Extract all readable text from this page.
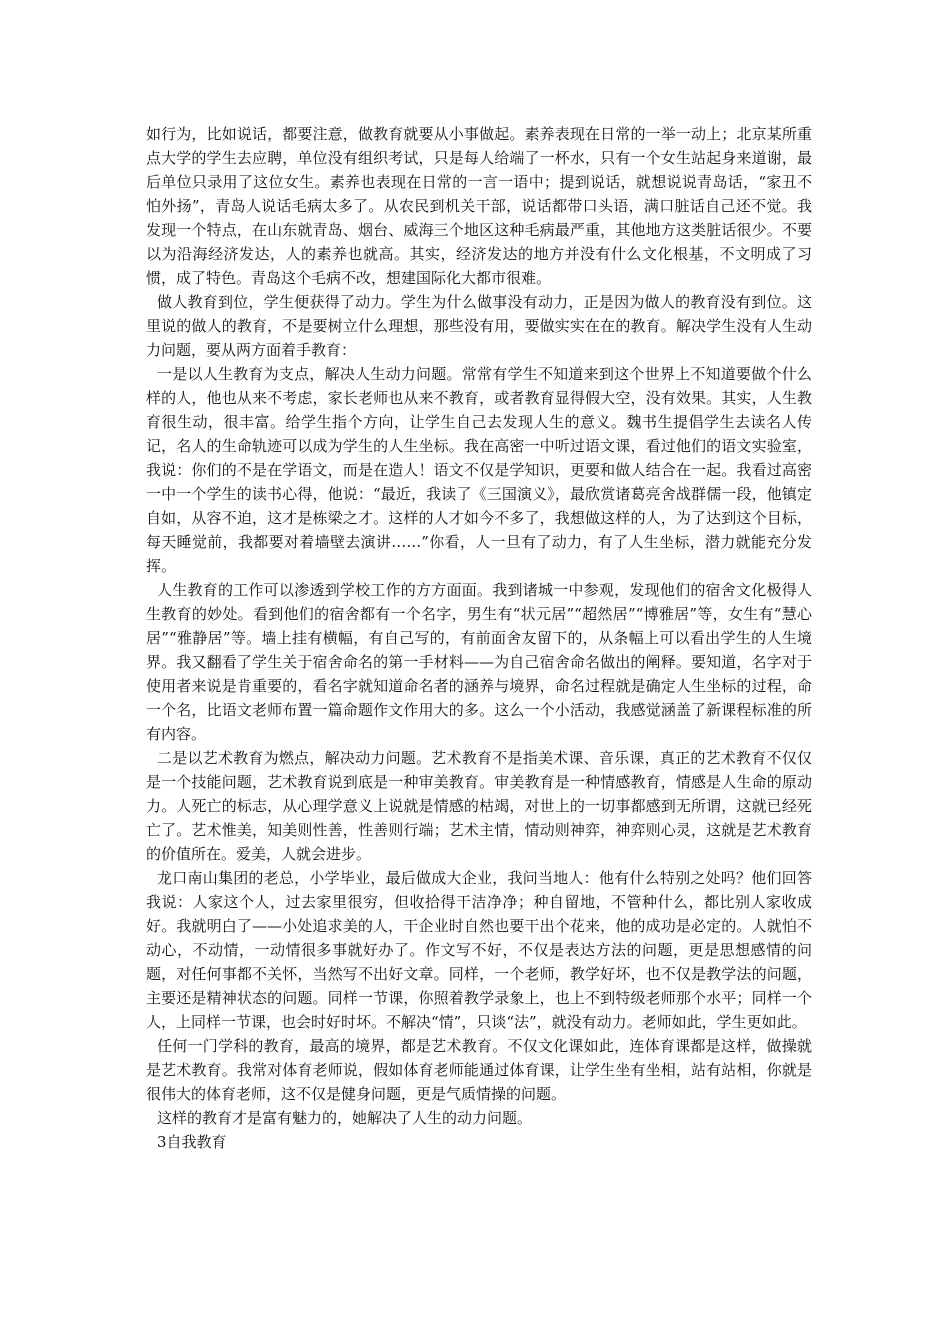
如行为，比如说话，都要注意，做教育就要从小事做起。素养表现在日常的一举一动上；北京某所重点大学的学生去应聘，单位没有组织考试，只是每人给端了一杯水，只有一个女生站起身来道谢，最后单位只录用了这位女生。素养也表现在日常的一言一语中；提到说话，就想说说青岛话，“家丑不怕外扬”，青岛人说话毛病太多了。从农民到机关干部，说话都带口头语，满口脏话自己还不觉。我发现一个特点，在山东就青岛、烟台、威海三个地区这种毛病最严重，其他地方这类脏话很少。不要以为沿海经济发达，人的素养也就高。其实，经济发达的地方并没有什么文化根基，不文明成了习惯，成了特色。青岛这个毛病不改，想建国际化大都市很难。

做人教育到位，学生便获得了动力。学生为什么做事没有动力，正是因为做人的教育没有到位。这里说的做人的教育，不是要树立什么理想，那些没有用，要做实实在在的教育。解决学生没有人生动力问题，要从两方面着手教育：

一是以人生教育为支点，解决人生动力问题。常常有学生不知道来到这个世界上不知道要做个什么样的人，他也从来不考虑，家长老师也从来不教育，或者教育显得假大空，没有效果。其实，人生教育很生动，很丰富。给学生指个方向，让学生自己去发现人生的意义。魏书生提倡学生去读名人传记，名人的生命轨迹可以成为学生的人生坐标。我在高密一中听过语文课，看过他们的语文实验室，我说：你们的不是在学语文，而是在造人！语文不仅是学知识，更要和做人结合在一起。我看过高密一中一个学生的读书心得，他说：“最近，我读了《三国演义》，最欣赏诸葛亮舍战群儒一段，他镇定自如，从容不迫，这才是栋梁之才。这样的人才如今不多了，我想做这样的人，为了达到这个目标，每天睡觉前，我都要对着墙壁去演讲……”你看，人一旦有了动力，有了人生坐标，潜力就能充分发挥。

人生教育的工作可以渗透到学校工作的方方面面。我到诸城一中参观，发现他们的宿舍文化极得人生教育的妙处。看到他们的宿舍都有一个名字，男生有“状元居”“超然居”“博雅居”等，女生有“慧心居”“雅静居”等。墙上挂有横幅，有自己写的，有前面舍友留下的，从条幅上可以看出学生的人生境界。我又翻看了学生关于宿舍命名的第一手材料——为自己宿舍命名做出的阐释。要知道，名字对于使用者来说是肯重要的，看名字就知道命名者的涵养与境界，命名过程就是确定人生坐标的过程，命一个名，比语文老师布置一篇命题作文作用大的多。这么一个小活动，我感觉涵盖了新课程标准的所有内容。

二是以艺术教育为燃点，解决动力问题。艺术教育不是指美术课、音乐课，真正的艺术教育不仅仅是一个技能问题，艺术教育说到底是一种审美教育。审美教育是一种情感教育，情感是人生命的原动力。人死亡的标志，从心理学意义上说就是情感的枯竭，对世上的一切事都感到无所谓，这就已经死亡了。艺术惟美，知美则性善，性善则行端；艺术主情，情动则神弈，神弈则心灵，这就是艺术教育的价值所在。爱美，人就会进步。

龙口南山集团的老总，小学毕业，最后做成大企业，我问当地人：他有什么特别之处吗？他们回答我说：人家这个人，过去家里很穷，但收拾得干洁净净；种自留地，不管种什么，都比别人家收成好。我就明白了——小处追求美的人，干企业时自然也要干出个花来，他的成功是必定的。人就怕不动心，不动情，一动情很多事就好办了。作文写不好，不仅是表达方法的问题，更是思想感情的问题，对任何事都不关怀，当然写不出好文章。同样，一个老师，教学好坏，也不仅是教学法的问题，主要还是精神状态的问题。同样一节课，你照着教学录象上，也上不到特级老师那个水平；同样一个人，上同样一节课，也会时好时坏。不解决“情”，只谈“法”，就没有动力。老师如此，学生更如此。

任何一门学科的教育，最高的境界，都是艺术教育。不仅文化课如此，连体育课都是这样，做操就是艺术教育。我常对体育老师说，假如体育老师能通过体育课，让学生坐有坐相，站有站相，你就是很伟大的体育老师，这不仅是健身问题，更是气质情操的问题。

这样的教育才是富有魅力的，她解决了人生的动力问题。

3自我教育
